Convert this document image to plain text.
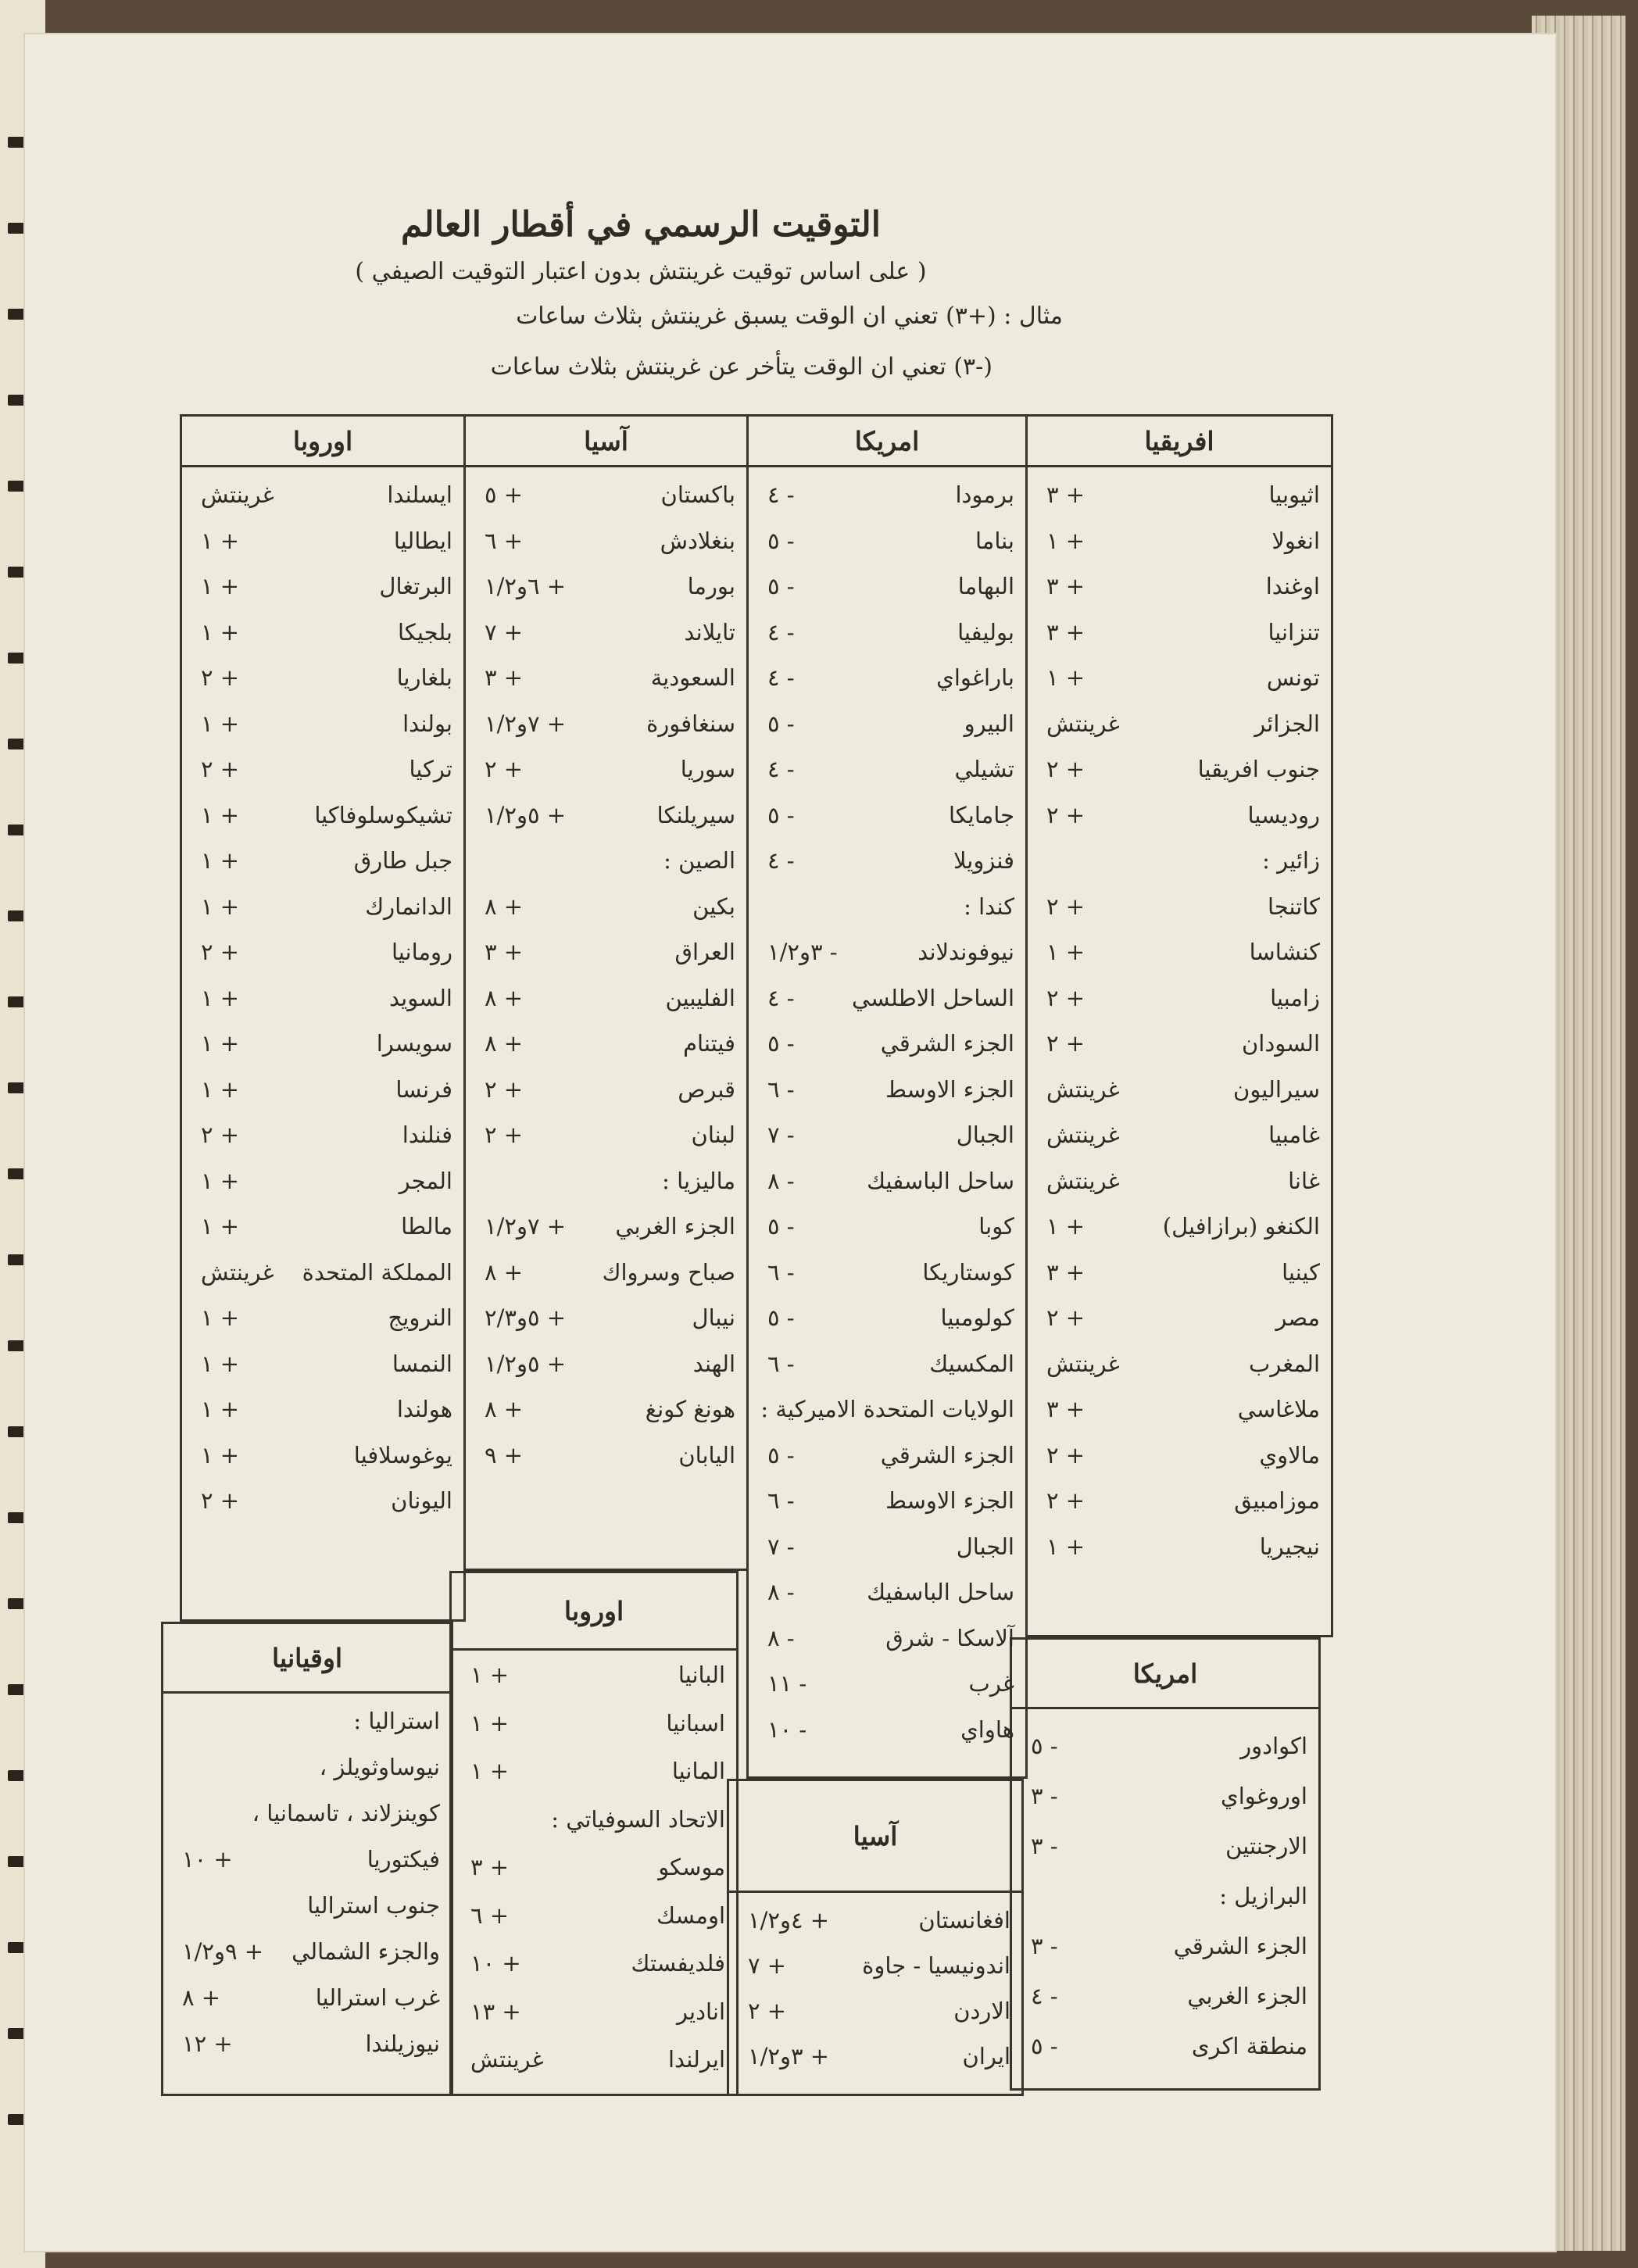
التوقيت الرسمي في أقطار العالم
( على اساس توقيت غرينتش بدون اعتبار التوقيت الصيفي )
مثال : (+٣) تعني ان الوقت يسبق غرينتش بثلاث ساعات
(-٣) تعني ان الوقت يتأخر عن غرينتش بثلاث ساعات
افريقيا
اثيوبيا
+ ٣
انغولا
+ ١
اوغندا
+ ٣
تنزانيا
+ ٣
تونس
+ ١
الجزائر
غرينتش
جنوب افريقيا
+ ٢
روديسيا
+ ٢
زائير :
كاتنجا
+ ٢
كنشاسا
+ ١
زامبيا
+ ٢
السودان
+ ٢
سيراليون
غرينتش
غامبيا
غرينتش
غانا
غرينتش
الكنغو (برازافيل)
+ ١
كينيا
+ ٣
مصر
+ ٢
المغرب
غرينتش
ملاغاسي
+ ٣
مالاوي
+ ٢
موزامبيق
+ ٢
نيجيريا
+ ١
امريكا
اكوادور
- ٥
اوروغواي
- ٣
الارجنتين
- ٣
البرازيل :
الجزء الشرقي
- ٣
الجزء الغربي
- ٤
منطقة اكرى
- ٥
امريكا
برمودا
- ٤
بناما
- ٥
البهاما
- ٥
بوليفيا
- ٤
باراغواي
- ٤
البيرو
- ٥
تشيلي
- ٤
جامايكا
- ٥
فنزويلا
- ٤
كندا :
نيوفوندلاند
- ٣و١/٢
الساحل الاطلسي
- ٤
الجزء الشرقي
- ٥
الجزء الاوسط
- ٦
الجبال
- ٧
ساحل الباسفيك
- ٨
كوبا
- ٥
كوستاريكا
- ٦
كولومبيا
- ٥
المكسيك
- ٦
الولايات المتحدة الاميركية :
الجزء الشرقي
- ٥
الجزء الاوسط
- ٦
الجبال
- ٧
ساحل الباسفيك
- ٨
آلاسكا - شرق
- ٨
غرب
- ١١
هاواي
- ١٠
آسيا
افغانستان
+ ٤و١/٢
اندونيسيا - جاوة
+ ٧
الاردن
+ ٢
ايران
+ ٣و١/٢
آسيا
باكستان
+ ٥
بنغلادش
+ ٦
بورما
+ ٦و١/٢
تايلاند
+ ٧
السعودية
+ ٣
سنغافورة
+ ٧و١/٢
سوريا
+ ٢
سيريلنكا
+ ٥و١/٢
الصين :
بكين
+ ٨
العراق
+ ٣
الفليبين
+ ٨
فيتنام
+ ٨
قبرص
+ ٢
لبنان
+ ٢
ماليزيا :
الجزء الغربي
+ ٧و١/٢
صباح وسرواك
+ ٨
نيبال
+ ٥و٢/٣
الهند
+ ٥و١/٢
هونغ كونغ
+ ٨
اليابان
+ ٩
اوروبا
البانيا
+ ١
اسبانيا
+ ١
المانيا
+ ١
الاتحاد السوفياتي :
موسكو
+ ٣
اومسك
+ ٦
فلديفستك
+ ١٠
انادير
+ ١٣
ايرلندا
غرينتش
اوروبا
ايسلندا
غرينتش
ايطاليا
+ ١
البرتغال
+ ١
بلجيكا
+ ١
بلغاريا
+ ٢
بولندا
+ ١
تركيا
+ ٢
تشيكوسلوفاكيا
+ ١
جبل طارق
+ ١
الدانمارك
+ ١
رومانيا
+ ٢
السويد
+ ١
سويسرا
+ ١
فرنسا
+ ١
فنلندا
+ ٢
المجر
+ ١
مالطا
+ ١
المملكة المتحدة
غرينتش
النرويج
+ ١
النمسا
+ ١
هولندا
+ ١
يوغوسلافيا
+ ١
اليونان
+ ٢
اوقيانيا
استراليا :
نيوساوثويلز ،
كوينزلاند ، تاسمانيا ،
فيكتوريا
+ ١٠
جنوب استراليا
والجزء الشمالي
+ ٩و١/٢
غرب استراليا
+ ٨
نيوزيلندا
+ ١٢
